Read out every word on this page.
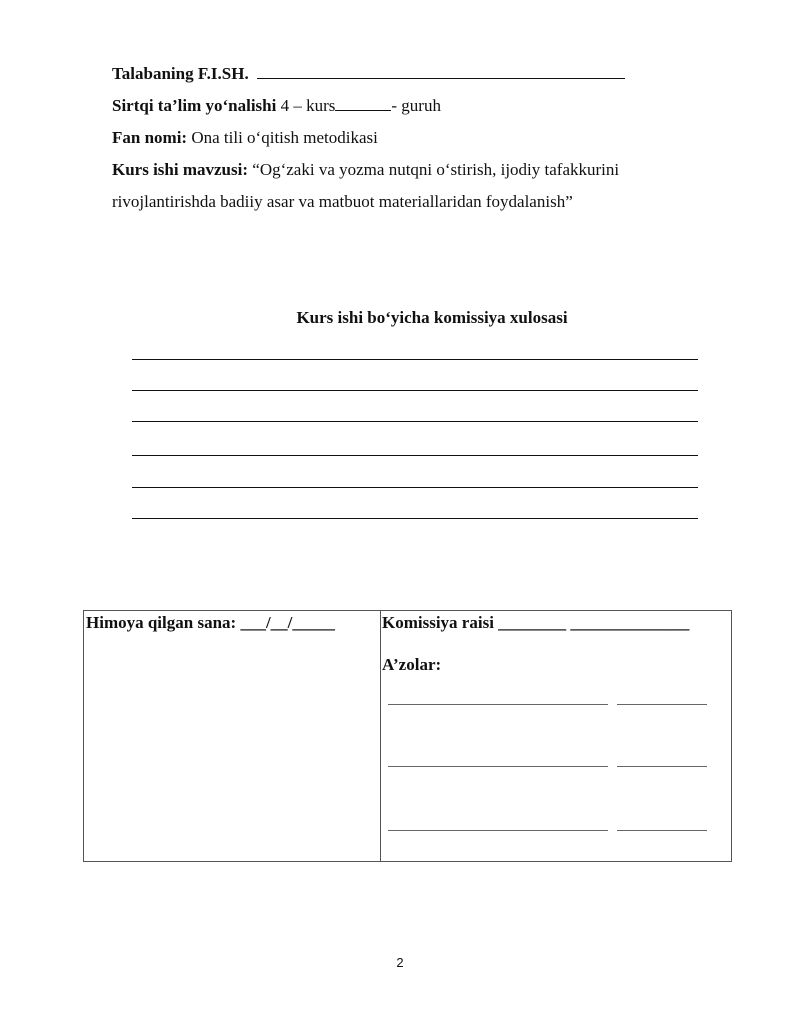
Talabaning F.I.SH.
Sirtqi ta’lim yo‘nalishi 4 – kurs	- guruh
Fan nomi: Ona tili o‘qitish metodikasi
Kurs ishi mavzusi: “Og‘zaki va yozma nutqni o‘stirish, ijodiy tafakkurini
rivojlantirishda badiiy asar va matbuot materiallaridan foydalanish”
Kurs ishi bo‘yicha komissiya xulosasi
Himoya qilgan sana: ___/__/_____	Komissiya raisi ________ ______________
A’zolar:
2
